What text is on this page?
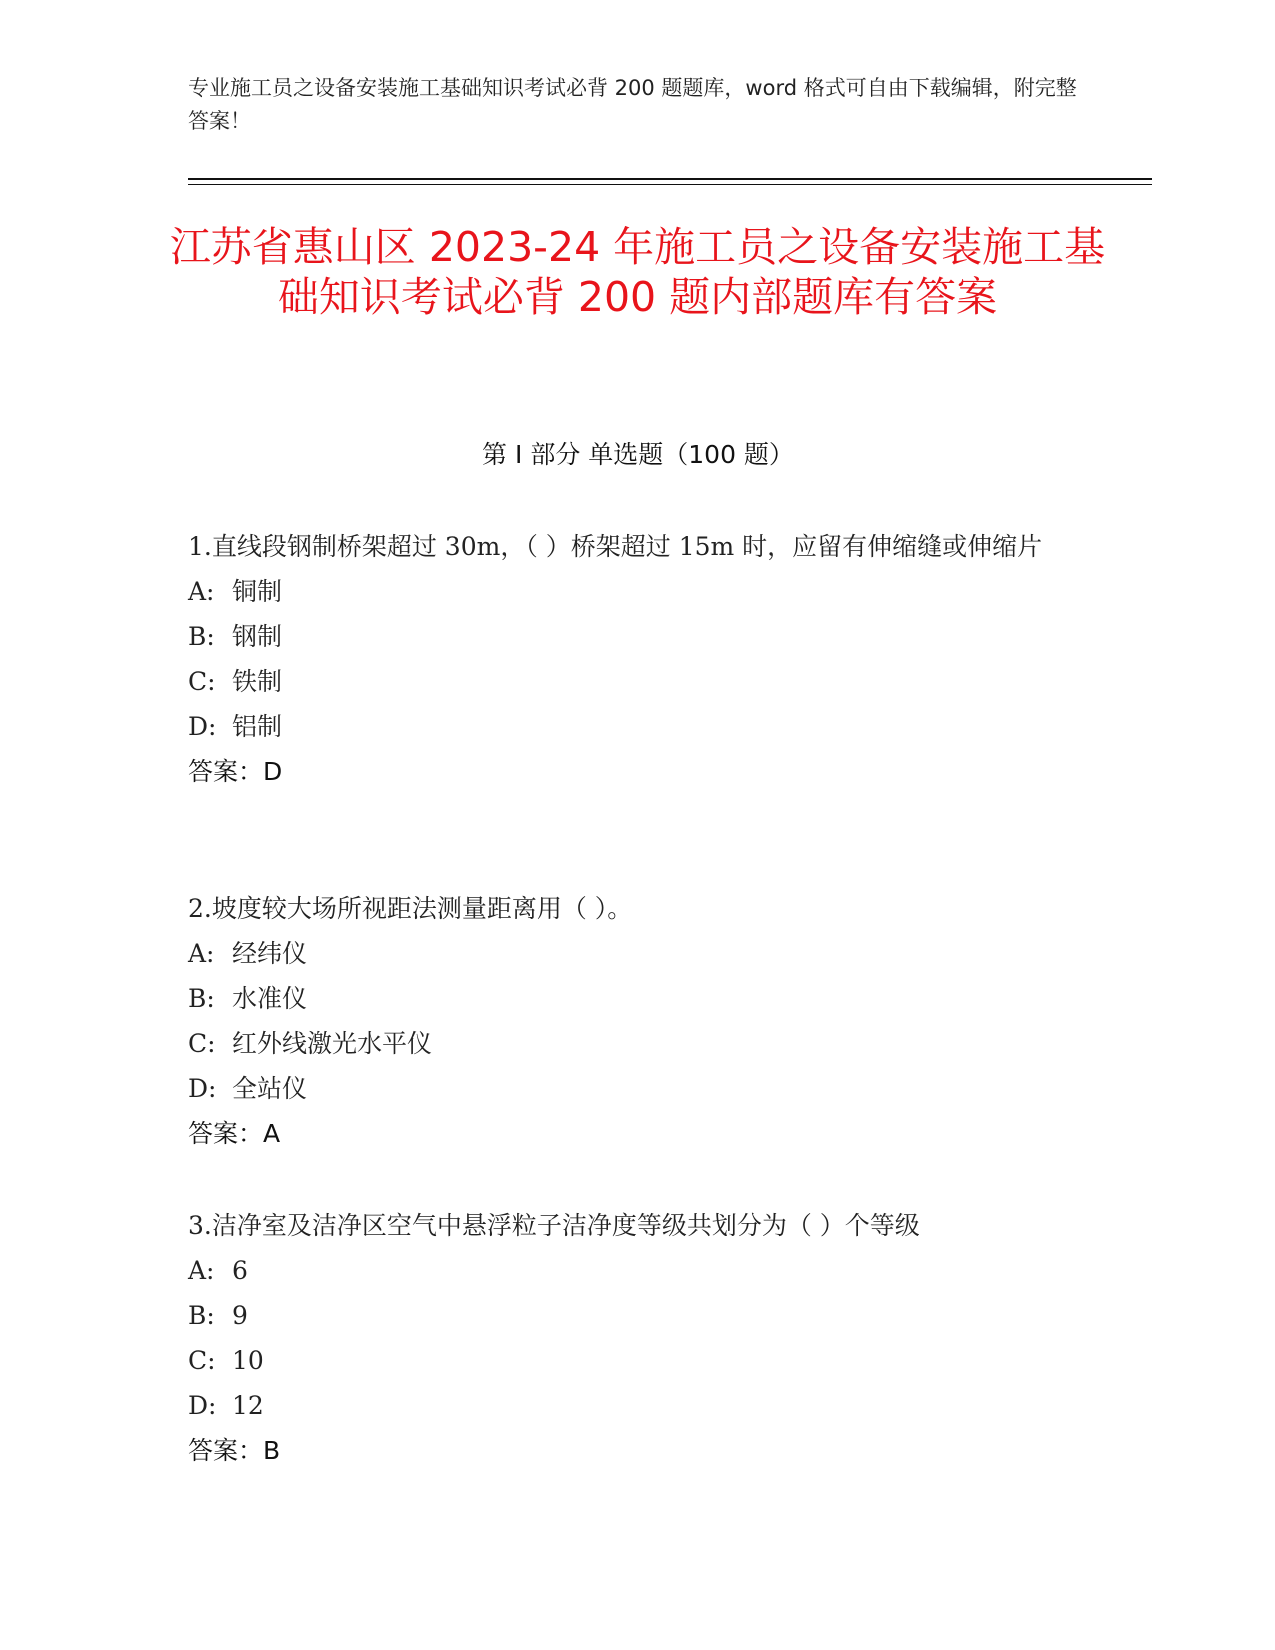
专业施工员之设备安装施工基础知识考试必背 200 题题库，word 格式可自由下载编辑，附完整答案！
江苏省惠山区 2023-24 年施工员之设备安装施工基础知识考试必背 200 题内部题库有答案
第 I 部分 单选题（100 题）
1.直线段钢制桥架超过 30m，（ ）桥架超过 15m 时，应留有伸缩缝或伸缩片
A: 铜制
B: 钢制
C: 铁制
D: 铝制
答案：D
2.坡度较大场所视距法测量距离用（ ）。
A: 经纬仪
B: 水准仪
C: 红外线激光水平仪
D: 全站仪
答案：A
3.洁净室及洁净区空气中悬浮粒子洁净度等级共划分为（ ）个等级
A: 6
B: 9
C: 10
D: 12
答案：B
